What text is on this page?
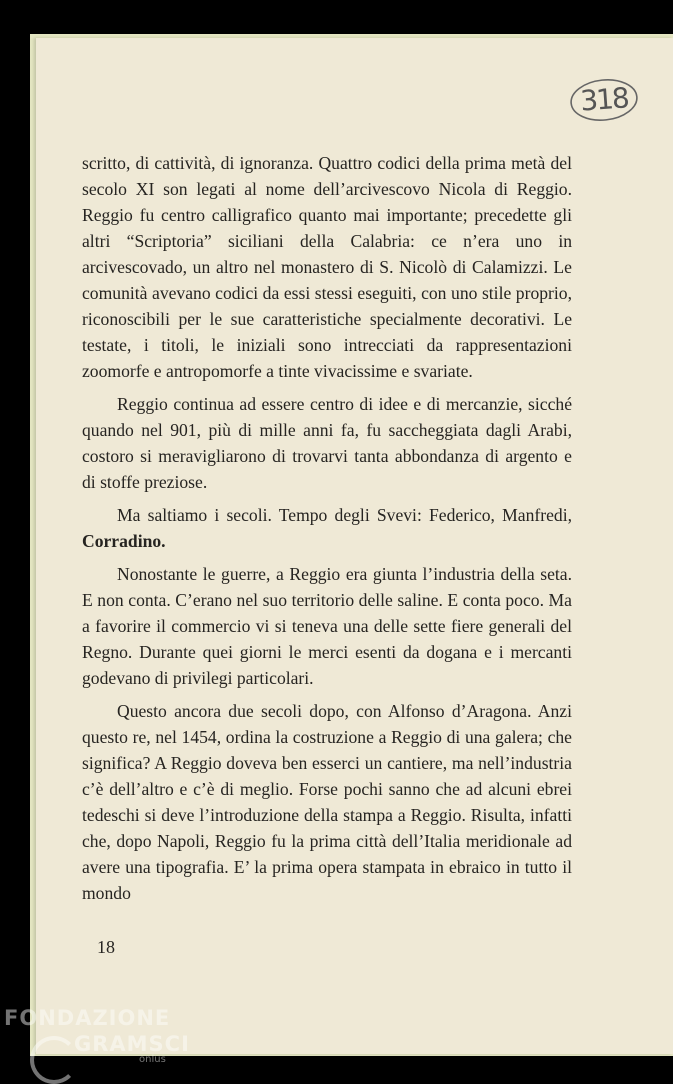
318

scritto, di cattività, di ignoranza. Quattro codici della prima metà del secolo XI son legati al nome dell’arcivescovo Nicola di Reggio. Reggio fu centro calligrafico quanto mai importante; precedette gli altri “Scriptoria” siciliani della Calabria: ce n’era uno in arcivescovado, un altro nel monastero di S. Nicolò di Calamizzi. Le comunità avevano codici da essi stessi eseguiti, con uno stile proprio, riconoscibili per le sue caratteristiche specialmente decorativi. Le testate, i titoli, le iniziali sono intrecciati da rappresentazioni zoomorfe e antropomorfe a tinte vivacissime e svariate.

Reggio continua ad essere centro di idee e di mercanzie, sicché quando nel 901, più di mille anni fa, fu saccheggiata dagli Arabi, costoro si meravigliarono di trovarvi tanta abbondanza di argento e di stoffe preziose.

Ma saltiamo i secoli. Tempo degli Svevi: Federico, Manfredi, Corradino.

Nonostante le guerre, a Reggio era giunta l’industria della seta. E non conta. C’erano nel suo territorio delle saline. E conta poco. Ma a favorire il commercio vi si teneva una delle sette fiere generali del Regno. Durante quei giorni le merci esenti da dogana e i mercanti godevano di privilegi particolari.

Questo ancora due secoli dopo, con Alfonso d’Aragona. Anzi questo re, nel 1454, ordina la costruzione a Reggio di una galera; che significa? A Reggio doveva ben esserci un cantiere, ma nell’industria c’è dell’altro e c’è di meglio. Forse pochi sanno che ad alcuni ebrei tedeschi si deve l’introduzione della stampa a Reggio. Risulta, infatti che, dopo Napoli, Reggio fu la prima città dell’Italia meridionale ad avere una tipografia. E’ la prima opera stampata in ebraico in tutto il mondo

18
FONDAZIONE
GRAMSCI
onlus
